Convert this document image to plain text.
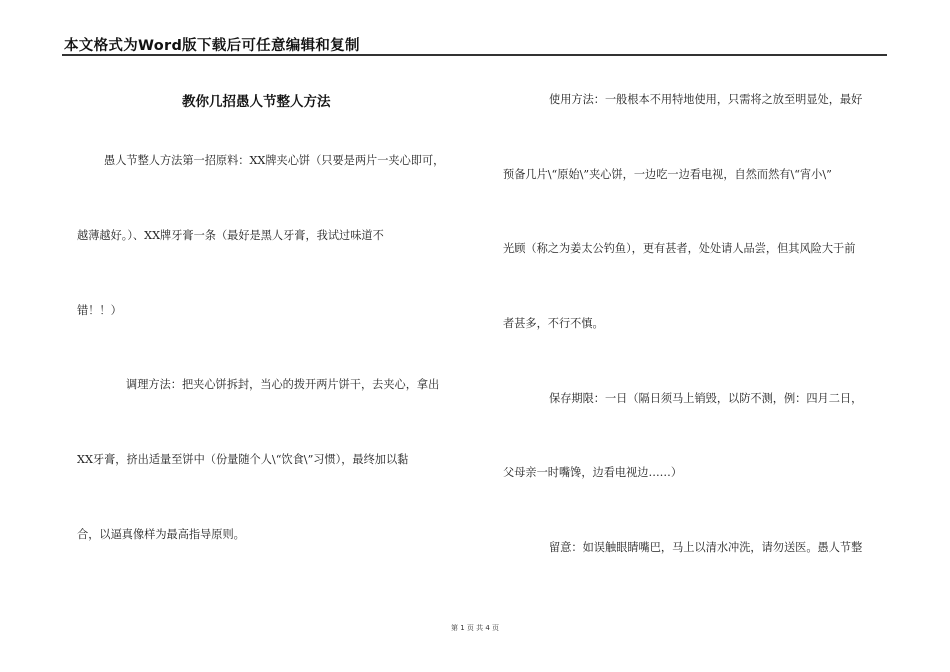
本文格式为Word版下载后可任意编辑和复制
教你几招愚人节整人方法
愚人节整人方法第一招原料：XX牌夹心饼（只要是两片一夹心即可，
越薄越好。）、XX牌牙膏一条（最好是黑人牙膏，我试过味道不
错！！）
调理方法：把夹心饼拆封，当心的拨开两片饼干，去夹心，拿出
XX牙膏，挤出适量至饼中（份量随个人\“饮食\”习惯），最终加以黏
合，以逼真像样为最高指导原则。
使用方法：一般根本不用特地使用，只需将之放至明显处，最好
预备几片\“原始\”夹心饼，一边吃一边看电视，自然而然有\“宵小\”
光顾（称之为姜太公钓鱼），更有甚者，处处请人品尝，但其风险大于前
者甚多，不行不慎。
保存期限：一日（隔日须马上销毁，以防不测，例：四月二日，
父母亲一时嘴馋，边看电视边……）
留意：如误触眼睛嘴巴，马上以清水冲洗，请勿送医。愚人节整
第 1 页 共 4 页
